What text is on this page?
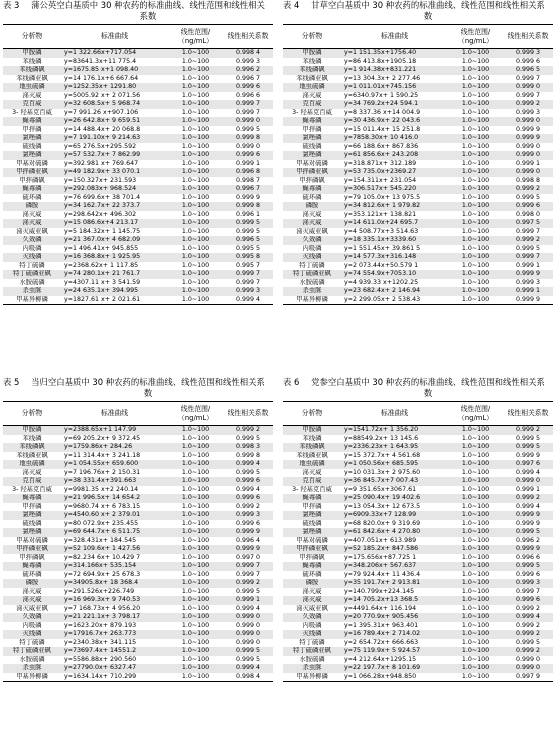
表 3	蒲公英空白基质中 30 种农药的标准曲线、线性范围和线性相关系数
分析物	标准曲线	线性范围/（ng/mL）	线性相关系数
甲胺磷	y=1 322.66x+717.054	1.0~100	0.998 4
苯线磷	y=83641.3x+11 775.4	1.0~100	0.999 3
苯线磷砜	y=1675.85 x+1 098.40	1.0~100	0.996 2
苯线磷亚砜	y=14 176.1x+6 667.64	1.0~100	0.996 7
地虫硫磷	y=1252.35x+ 1291.80	1.0~100	0.999 6
涕灭威	y=5005.92 x+ 2 071.56	1.0~100	0.996 6
克百威	y=32 608.5x+ 5 968.74	1.0~100	0.999 7
3- 羟基克百威	y=7 991.26 x+907.106	1.0~100	0.999 7
蝇毒磷	y=26 642.8x+ 9 659.51	1.0~100	0.999 0
甲拌磷	y=14 488.4x+ 20 068.8	1.0~100	0.999 5
氯唑磷	y=7 191.10x+ 9 214.63	1.0~100	0.999 8
硫线磷	y=65 276.5x+295.592	1.0~100	0.999 0
氯唑磷	y=57 532.7x+ 7 862.99	1.0~100	0.999 6
甲基对硫磷	y=392.981 x+ 769.647	1.0~100	0.999 1
甲拌磷亚砜	y=49 182.9x+ 33 070.1	1.0~100	0.996 8
甲拌磷砜	y=150.327x+ 231.593	1.0~100	0.998 7
蝇毒磷	y=292.083x+ 968.524	1.0~100	0.996 7
硫环磷	y=76 699.6x+ 38 701.4	1.0~100	0.999 9
磷胺	y=34 162.7x+ 22 373.7	1.0~100	0.999 8
涕灭威	y=298.642x+ 496.302	1.0~100	0.996 1
涕灭威	y=15 086.6x+4 213.17	1.0~100	0.999 5
涕灭威亚砜	y=5 184.32x+ 1 145.75	1.0~100	0.999 5
久效磷	y=21 367.0x+ 4 682.09	1.0~100	0.996 5
内吸磷	y=1 496.41x+ 945.855	1.0~100	0.995 5
灭线磷	y=16 368.8x+ 1 925.95	1.0~100	0.995 8
特丁硫磷	y=2368.62x+ 1 117.85	1.0~100	0.995 7
特丁硫磷亚砜	y=74 280.1x+ 21 761.7	1.0~100	0.999 7
水胺硫磷	y=4307.11 x+ 3 541.59	1.0~100	0.999 7
杀虫脒	y=24 635.1x+ 394.995	1.0~100	0.999 3
甲基异柳磷	y=1827.61 x+ 2 021.61	1.0~100	0.999 4
表 4	甘草空白基质中 30 种农药的标准曲线、线性范围和线性相关系数
分析物	标准曲线	线性范围/（ng/mL）	线性相关系数
甲胺磷	y=1 151.35x+1756.40	1.0~100	0.999 3
苯线磷	y=86 413.8x+1905.18	1.0~100	0.999 6
苯线磷砜	y=1 914.38x+831.221	1.0~100	0.996 5
苯线磷亚砜	y=13 304.3x+ 2 277.46	1.0~100	0.999 7
地虫硫磷	y=1 011.01x+745.156	1.0~100	0.999 0
涕灭威	y=6340.97x+ 1 590.25	1.0~100	0.999 7
克百威	y=34 769.2x+24 594.1	1.0~100	0.999 2
3- 羟基克百威	y=8 337.36 x+14 004.9	1.0~100	0.999 3
蝇毒磷	y=30 436.9x+ 22 043.6	1.0~100	0.999 0
甲拌磷	y=15 011.4x+ 15 251.8	1.0~100	0.999 9
氯唑磷	y=7858.30x+ 10 416.0	1.0~100	0.999 9
硫线磷	y=66 188.6x+ 867.836	1.0~100	0.999 0
氯唑磷	y=61 856.6x+ 243.208	1.0~100	0.999 0
甲基对硫磷	y=318.871x+ 312.189	1.0~100	0.999 1
甲拌磷亚砜	y=53 735.0x+2369.27	1.0~100	0.999 0
甲拌磷砜	y=154.311x+ 231.054	1.0~100	0.998 8
蝇毒磷	y=306.517x+ 545.220	1.0~100	0.999 2
硫环磷	y=79 105.0x+ 13 975.5	1.0~100	0.999 5
磷胺	y=34 812.6x+ 1 979.82	1.0~100	0.999 6
涕灭威	y=353.121x+ 138.821	1.0~100	0.998 0
涕灭威	y=14 611.0x+24 695.7	1.0~100	0.997 5
涕灭威亚砜	y=4 508.77x+3 514.63	1.0~100	0.999 7
久效磷	y=18 335.1x+3339.60	1.0~100	0.999 2
内吸磷	y=1 551.45x+ 39.861 5	1.0~100	0.999 5
灭线磷	y=14 577.3x+316.148	1.0~100	0.999 7
特丁硫磷	y=2 073.44x+50.579 1	1.0~100	0.999 1
特丁硫磷亚砜	y=74 554.9x+7053.10	1.0~100	0.999 9
水胺硫磷	y=4 939.33 x+1202.25	1.0~100	0.999 3
杀虫脒	y=23 682.4x+ 2 146.94	1.0~100	0.999 1
甲基异柳磷	y=2 299.05x+ 2 538.43	1.0~100	0.999 9
表 5	当归空白基质中 30 种农药的标准曲线、线性范围和线性相关系数
分析物	标准曲线	线性范围/（ng/mL）	线性相关系数
甲胺磷	y=2388.65x+1 147.99	1.0~100	0.999 2
苯线磷	y=69 205.2x+ 9 372.45	1.0~100	0.999 5
苯线磷砜	y=1759.86x+ 284.26	1.0~100	0.998 3
苯线磷亚砜	y=11 314.4x+ 3 241.18	1.0~100	0.999 8
地虫硫磷	y=1 054.55x+ 659.600	1.0~100	0.999 4
涕灭威	y=7 196.76x+ 2 150.31	1.0~100	0.999 5
克百威	y=38 331.4x+391.663	1.0~100	0.999 6
3- 羟基克百威	y=9981.35 x+2 240.14	1.0~100	0.999 4
蝇毒磷	y=21 996.5x+ 14 654.2	1.0~100	0.999 6
甲拌磷	y=9680.74 x+ 6 783.15	1.0~100	0.999 2
氯唑磷	y=4540.60 x+ 2 379.01	1.0~100	0.999 3
硫线磷	y=80 072.9x+ 235.455	1.0~100	0.999 6
氯唑磷	y=69 644.7x+ 6 511.75	1.0~100	0.999 9
甲基对硫磷	y=328.431x+ 184.545	1.0~100	0.996 4
甲拌磷亚砜	y=52 109.6x+ 1 427.56	1.0~100	0.999 9
甲拌磷砜	y=82.234 6x+ 10.429 7	1.0~100	0.997 0
蝇毒磷	y=314.166x+ 535.154	1.0~100	0.999 7
硫环磷	y=72 694.9x+ 25 678.3	1.0~100	0.999 7
磷胺	y=34905.8x+ 18 368.4	1.0~100	0.999 2
涕灭威	y=291.526x+226.749	1.0~100	0.999 5
涕灭威	y=16 969.3x+ 9 740.53	1.0~100	0.999 1
涕灭威亚砜	y=7 168.73x+ 4 956.20	1.0~100	0.999 4
久效磷	y=21 221.1x+ 3 798.17	1.0~100	0.999 0
内吸磷	y=1623.20x+ 879.193	1.0~100	0.999 0
灭线磷	y=17916.7x+ 263.773	1.0~100	0.999 0
特丁硫磷	y=2340.38x+ 341.115	1.0~100	0.999 0
特丁硫磷亚砜	y=73697.4x+ 14551.2	1.0~100	0.999 5
水胺硫磷	y=5586.88x+ 290.560	1.0~100	0.999 5
杀虫脒	y=27790.0x+ 6327.47	1.0~100	0.999 4
甲基异柳磷	y=1634.14x+ 710.299	1.0~100	0.998 4
表 6	党参空白基质中 30 种农药的标准曲线、线性范围和线性相关系数
分析物	标准曲线	线性范围/（ng/mL）	线性相关系数
甲胺磷	y=1541.72x+ 1 356.20	1.0~100	0.999 2
苯线磷	y=88549.2x+ 13 145.6	1.0~100	0.999 5
苯线磷砜	y=2336.23x+ 1 643.95	1.0~100	0.999 5
苯线磷亚砜	y=15 372.7x+ 4 561.68	1.0~100	0.999 9
地虫硫磷	y=1 050.56x+ 685.595	1.0~100	0.997 6
涕灭威	y=10 031.3x+ 2 975.60	1.0~100	0.999 4
克百威	y=36 845.7x+7 007.43	1.0~100	0.999 0
3- 羟基克百威	y=9 351.65x+3067.61	1.0~100	0.999 1
蝇毒磷	y=25 090.4x+ 19 402.6	1.0~100	0.999 2
甲拌磷	y=13 054.3x+ 12 673.5	1.0~100	0.999 4
氯唑磷	y=6909.33x+7 128.99	1.0~100	0.999 9
硫线磷	y=68 820.0x+ 9 319.69	1.0~100	0.999 9
氯唑磷	y=61 842.6x+ 4 270.80	1.0~100	0.999 5
甲基对硫磷	y=407.051x+ 613.989	1.0~100	0.996 2
甲拌磷亚砜	y=52 185.2x+ 847.586	1.0~100	0.999 9
甲拌磷砜	y=175.656x+87.725 1	1.0~100	0.996 6
蝇毒磷	y=348.206x+ 567.637	1.0~100	0.999 5
硫环磷	y=79 924.4x+ 11 436.4	1.0~100	0.999 6
磷胺	y=35 191.7x+ 2 913.81	1.0~100	0.999 3
涕灭威	y=140.799x+224.145	1.0~100	0.999 7
涕灭威	y=14 705.2x+13 368.5	1.0~100	0.999 6
涕灭威亚砜	y=4491.64x+ 116.194	1.0~100	0.999 2
久效磷	y=20 770.9x+ 905.456	1.0~100	0.999 4
内吸磷	y=1 395.31x+ 963.401	1.0~100	0.999 2
灭线磷	y=16 789.4x+ 2 714.02	1.0~100	0.999 2
特丁硫磷	y=2 654.72x+ 666.663	1.0~100	0.999 5
特丁硫磷亚砜	y=75 119.9x+ 5 924.57	1.0~100	0.999 2
水胺硫磷	y=4 212.64x+1295.15	1.0~100	0.999 0
杀虫脒	y=22 197.7x+ 8 101.69	1.0~100	0.999 0
甲基异柳磷	y=1 066.28x+948.850	1.0~100	0.997 9
